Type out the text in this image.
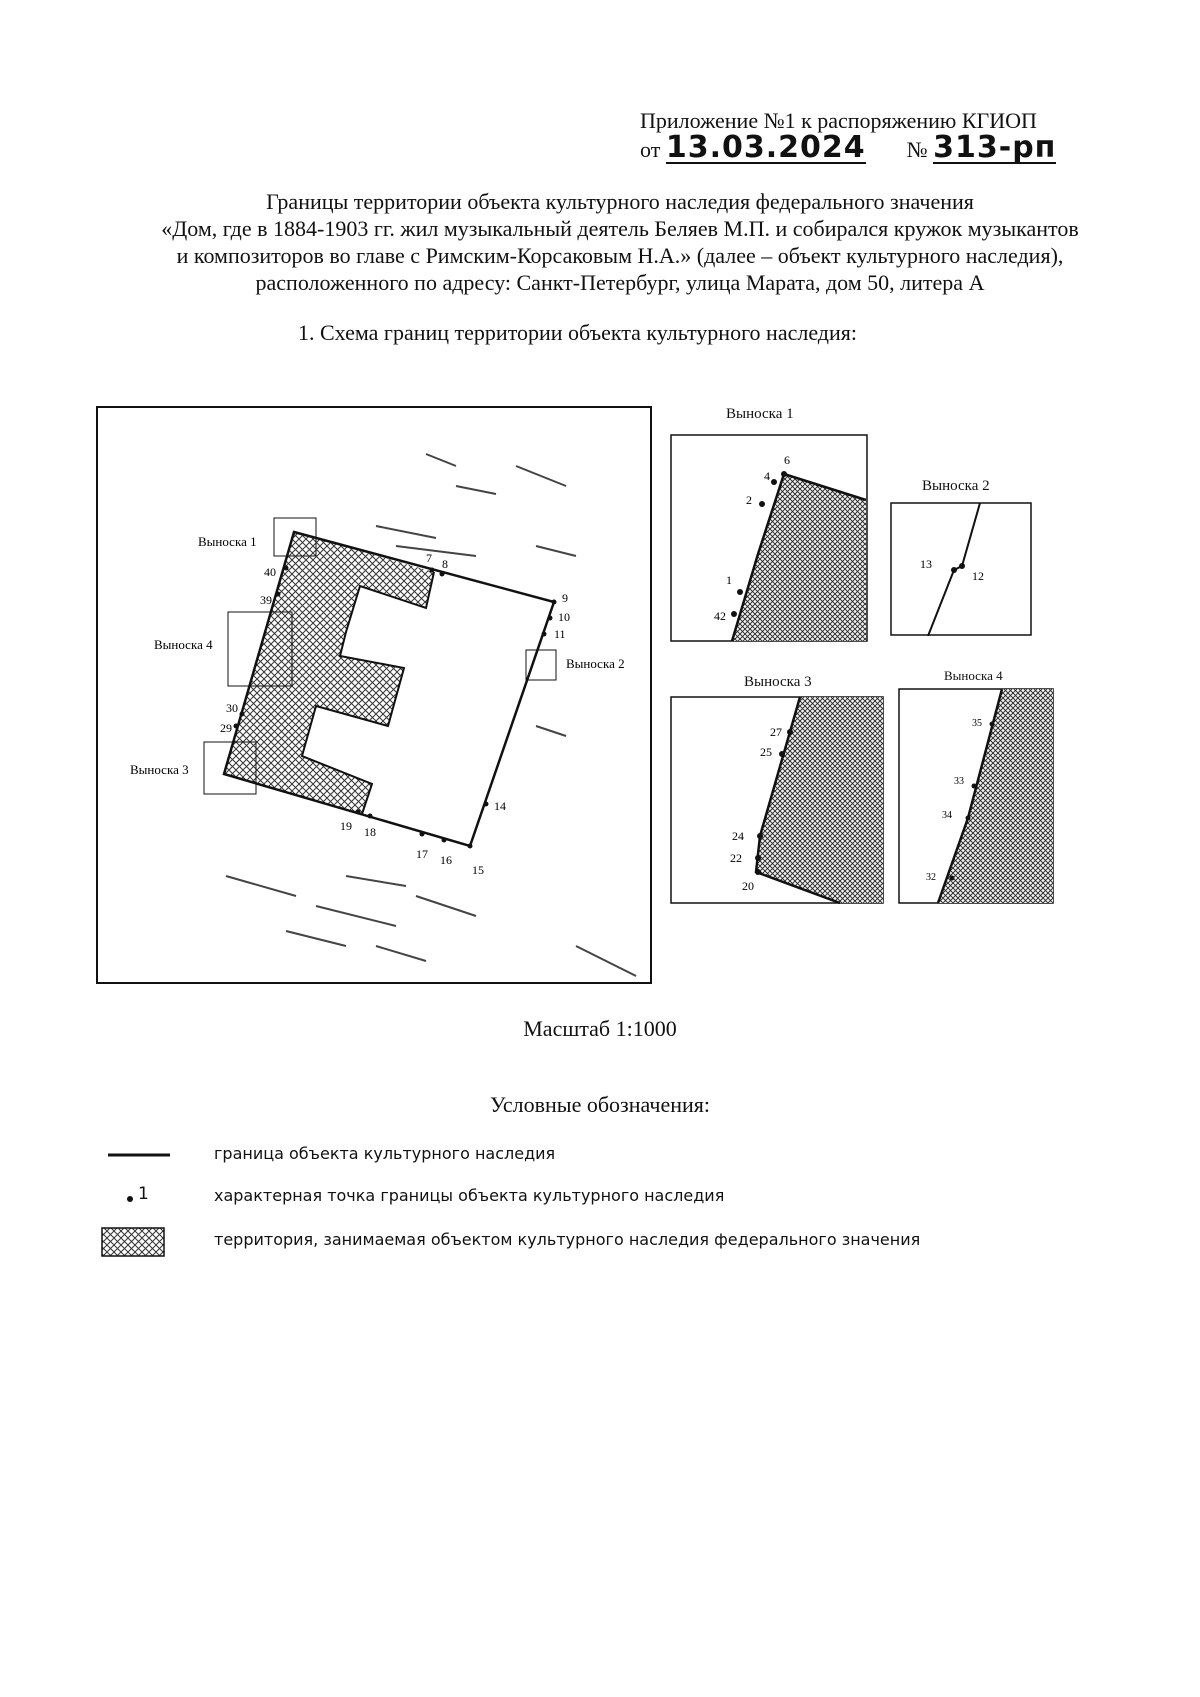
Приложение №1 к распоряжению КГИОП
от 13.03.2024 № 313-рп
Границы территории объекта культурного наследия федерального значения
«Дом, где в 1884-1903 гг. жил музыкальный деятель Беляев М.П. и собирался кружок музыкантов
и композиторов во главе с Римским-Корсаковым Н.А.» (далее – объект культурного наследия),
расположенного по адресу: Санкт-Петербург, улица Марата, дом 50, литера А
1. Схема границ территории объекта культурного наследия:
Выноска 1
Выноска 2
Выноска 3
Выноска 4
40
39
7 8
9
10
11
30
29
14
19 18
17 16
15
Выноска 1
6
4
2
1
42
Выноска 2
13
12
Выноска 3
27
25
24
22
20
Выноска 4
35
33
34
32
Масштаб 1:1000
Условные обозначения:
граница объекта культурного наследия
1	характерная точка границы объекта культурного наследия
территория, занимаемая объектом культурного наследия федерального значения
